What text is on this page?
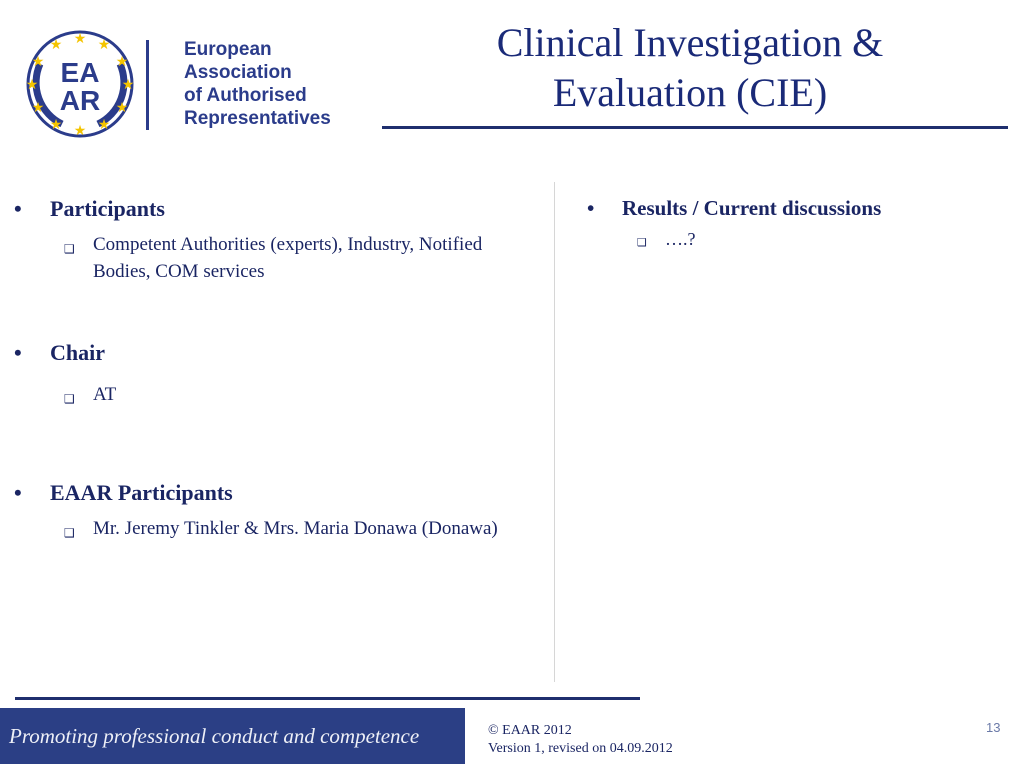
★ ★
★
★
★
★
★
★
★
★
★
★
EA
AR
European
Association
of Authorised
Representatives
Clinical Investigation &
Evaluation (CIE)
• Participants
❑ Competent Authorities (experts), Industry, Notified Bodies, COM services
• Chair
❑ AT
• EAAR Participants
❑ Mr. Jeremy Tinkler & Mrs. Maria Donawa (Donawa)
• Results / Current discussions
❑ ….?
Promoting professional conduct and competence	© EAAR 2012
Version 1, revised on 04.09.2012
13
